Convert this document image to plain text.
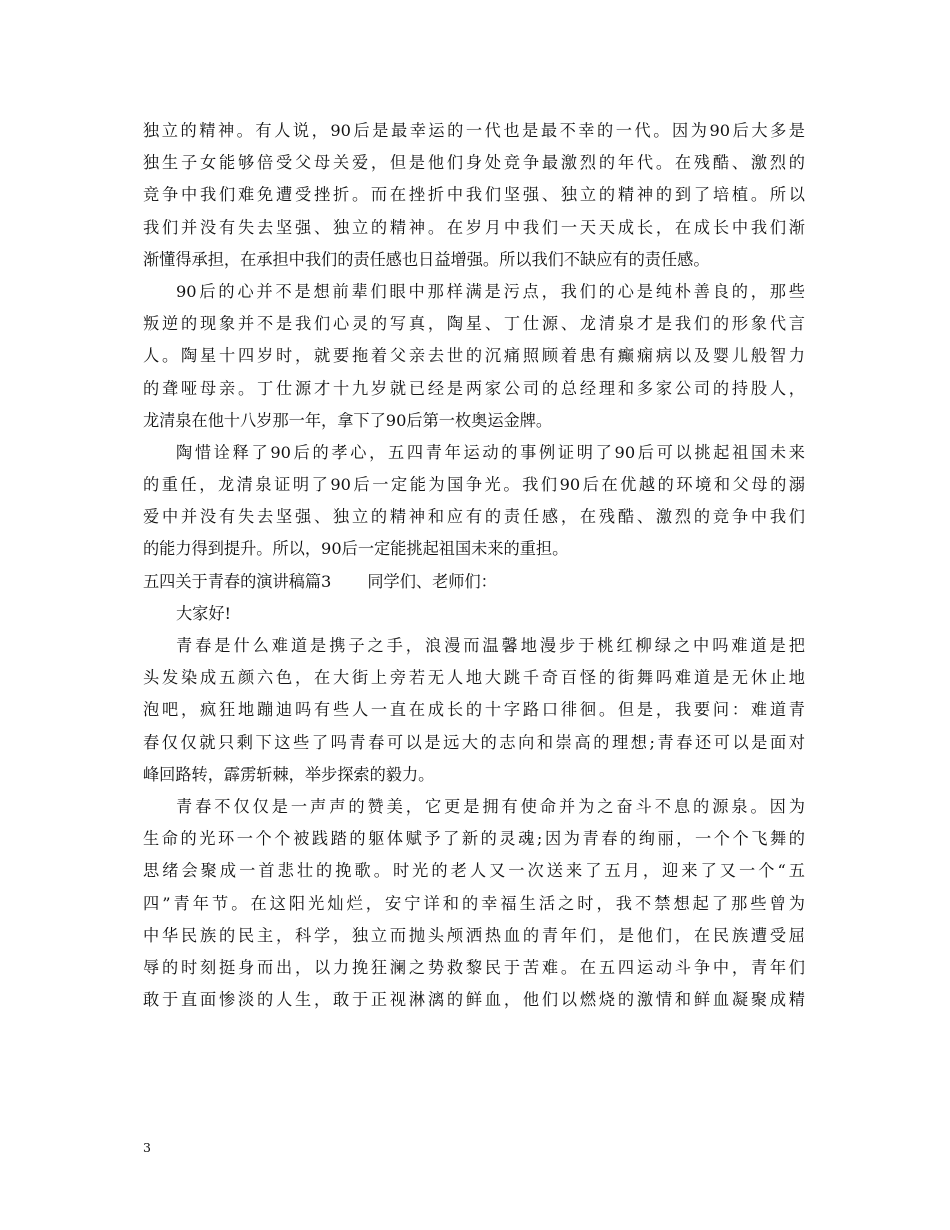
独立的精神。有人说，90后是最幸运的一代也是最不幸的一代。因为90后大多是
独生子女能够倍受父母关爱，但是他们身处竞争最激烈的年代。在残酷、激烈的
竞争中我们难免遭受挫折。而在挫折中我们坚强、独立的精神的到了培植。所以
我们并没有失去坚强、独立的精神。在岁月中我们一天天成长，在成长中我们渐
渐懂得承担，在承担中我们的责任感也日益增强。所以我们不缺应有的责任感。
90后的心并不是想前辈们眼中那样满是污点，我们的心是纯朴善良的，那些
叛逆的现象并不是我们心灵的写真，陶星、丁仕源、龙清泉才是我们的形象代言
人。陶星十四岁时，就要拖着父亲去世的沉痛照顾着患有癫痫病以及婴儿般智力
的聋哑母亲。丁仕源才十九岁就已经是两家公司的总经理和多家公司的持股人，
龙清泉在他十八岁那一年，拿下了90后第一枚奥运金牌。
陶惜诠释了90后的孝心，五四青年运动的事例证明了90后可以挑起祖国未来
的重任，龙清泉证明了90后一定能为国争光。我们90后在优越的环境和父母的溺
爱中并没有失去坚强、独立的精神和应有的责任感，在残酷、激烈的竞争中我们
的能力得到提升。所以，90后一定能挑起祖国未来的重担。
五四关于青春的演讲稿篇3 同学们、老师们：
大家好!
青春是什么难道是携子之手，浪漫而温馨地漫步于桃红柳绿之中吗难道是把
头发染成五颜六色，在大街上旁若无人地大跳千奇百怪的街舞吗难道是无休止地
泡吧，疯狂地蹦迪吗有些人一直在成长的十字路口徘徊。但是，我要问：难道青
春仅仅就只剩下这些了吗青春可以是远大的志向和崇高的理想;青春还可以是面对
峰回路转，霹雳斩棘，举步探索的毅力。
青春不仅仅是一声声的赞美，它更是拥有使命并为之奋斗不息的源泉。因为
生命的光环一个个被践踏的躯体赋予了新的灵魂;因为青春的绚丽，一个个飞舞的
思绪会聚成一首悲壮的挽歌。时光的老人又一次送来了五月，迎来了又一个“五
四”青年节。在这阳光灿烂，安宁详和的幸福生活之时，我不禁想起了那些曾为
中华民族的民主，科学，独立而抛头颅洒热血的青年们，是他们，在民族遭受屈
辱的时刻挺身而出，以力挽狂澜之势救黎民于苦难。在五四运动斗争中，青年们
敢于直面惨淡的人生，敢于正视淋漓的鲜血，他们以燃烧的激情和鲜血凝聚成精
3
